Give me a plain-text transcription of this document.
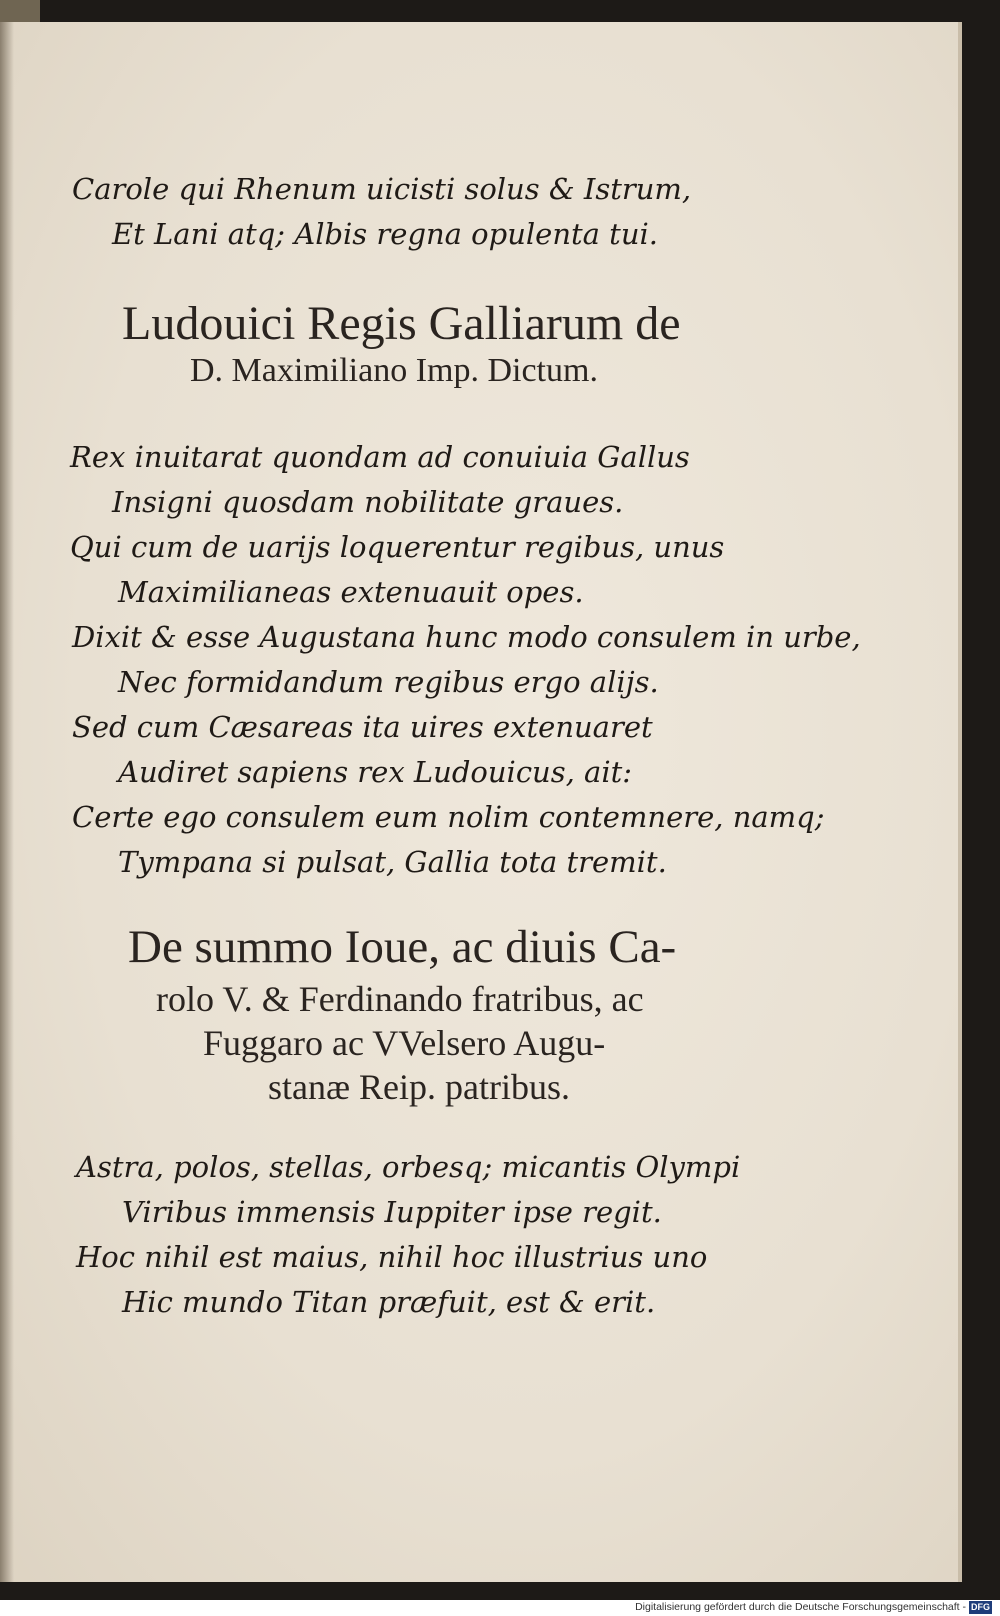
Carole qui Rhenum uicisti solus & Istrum,
Et Lani atq; Albis regna opulenta tui.
Ludouici Regis Galliarum de
D. Maximiliano Imp. Dictum.
Rex inuitarat quondam ad conuiuia Gallus
Insigni quosdam nobilitate graues.
Qui cum de uarijs loquerentur regibus, unus
Maximilianeas extenuauit opes.
Dixit & esse Augustana hunc modo consulem in urbe,
Nec formidandum regibus ergo alijs.
Sed cum Cæsareas ita uires extenuaret
Audiret sapiens rex Ludouicus, ait:
Certe ego consulem eum nolim contemnere, namq;
Tympana si pulsat, Gallia tota tremit.
De summo Ioue, ac diuis Ca-
rolo V. & Ferdinando fratribus, ac
Fuggaro ac VVelsero Augu-
stanæ Reip. patribus.
Astra, polos, stellas, orbesq; micantis Olympi
Viribus immensis Iuppiter ipse regit.
Hoc nihil est maius, nihil hoc illustrius uno
Hic mundo Titan præfuit, est & erit.
Digitalisierung gefördert durch die Deutsche Forschungsgemeinschaft - DFG
